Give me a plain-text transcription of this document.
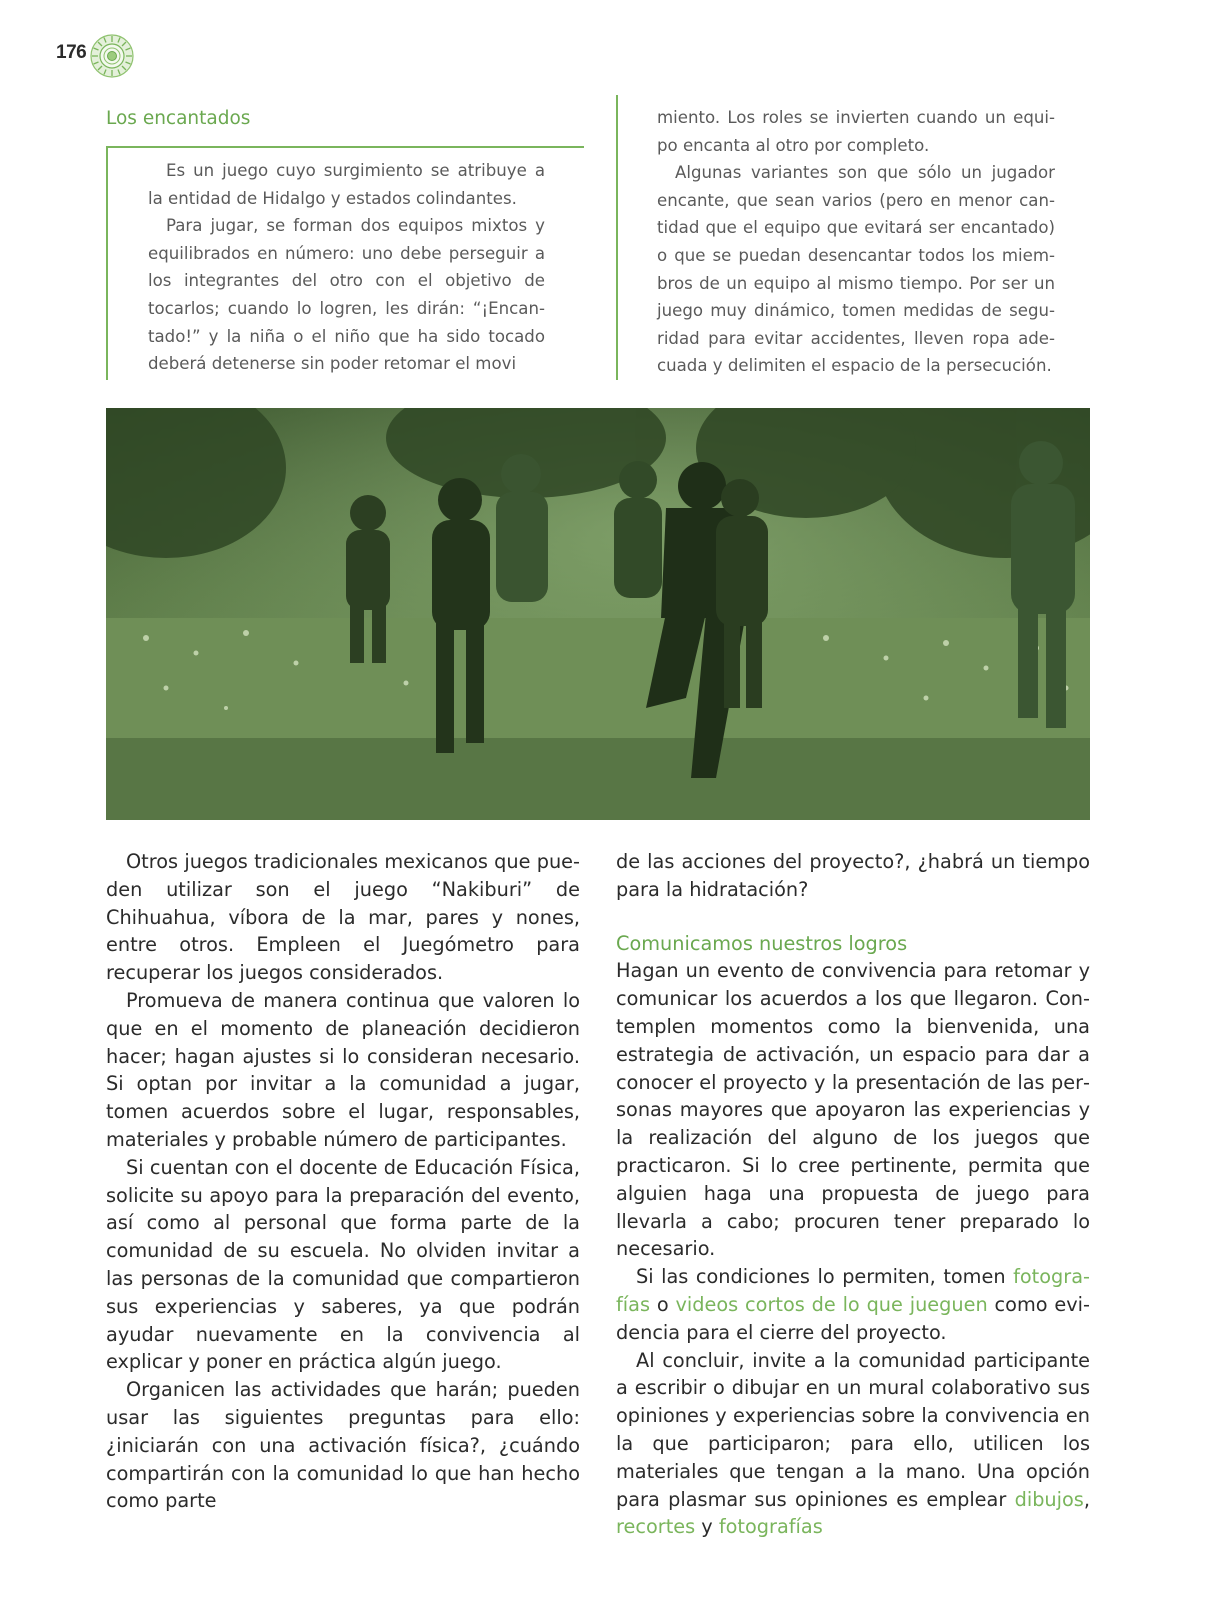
176
Los encantados

Es un juego cuyo surgimiento se atribuye a la entidad de Hidalgo y estados colindantes.

Para jugar, se forman dos equipos mixtos y equilibrados en número: uno debe perseguir a los integrantes del otro con el objetivo de tocarlos; cuando lo logren, les dirán: “¡Encantado!” y la niña o el niño que ha sido tocado deberá detenerse sin poder retomar el movi

miento. Los roles se invierten cuando un equipo encanta al otro por completo.

Algunas variantes son que sólo un jugador encante, que sean varios (pero en menor cantidad que el equipo que evitará ser encantado) o que se puedan desencantar todos los miembros de un equipo al mismo tiempo. Por ser un juego muy dinámico, tomen medidas de seguridad para evitar accidentes, lleven ropa adecuada y delimiten el espacio de la persecución.

Otros juegos tradicionales mexicanos que pueden utilizar son el juego “Nakiburi” de Chihuahua, víbora de la mar, pares y nones, entre otros. Empleen el Juegómetro para recuperar los juegos considerados.

Promueva de manera continua que valoren lo que en el momento de planeación decidieron hacer; hagan ajustes si lo consideran necesario. Si optan por invitar a la comunidad a jugar, tomen acuerdos sobre el lugar, responsables, materiales y probable número de participantes.

Si cuentan con el docente de Educación Física, solicite su apoyo para la preparación del evento, así como al personal que forma parte de la comunidad de su escuela. No olviden invitar a las personas de la comunidad que compartieron sus experiencias y saberes, ya que podrán ayudar nuevamente en la convivencia al explicar y poner en práctica algún juego.

Organicen las actividades que harán; pueden usar las siguientes preguntas para ello: ¿iniciarán con una activación física?, ¿cuándo compartirán con la comunidad lo que han hecho como parte

de las acciones del proyecto?, ¿habrá un tiempo para la hidratación?

Comunicamos nuestros logros

Hagan un evento de convivencia para retomar y comunicar los acuerdos a los que llegaron. Contemplen momentos como la bienvenida, una estrategia de activación, un espacio para dar a conocer el proyecto y la presentación de las personas mayores que apoyaron las experiencias y la realización del alguno de los juegos que practicaron. Si lo cree pertinente, permita que alguien haga una propuesta de juego para llevarla a cabo; procuren tener preparado lo necesario.

Si las condiciones lo permiten, tomen fotografías o videos cortos de lo que jueguen como evidencia para el cierre del proyecto.

Al concluir, invite a la comunidad participante a escribir o dibujar en un mural colaborativo sus opiniones y experiencias sobre la convivencia en la que participaron; para ello, utilicen los materiales que tengan a la mano. Una opción para plasmar sus opiniones es emplear dibujos, recortes y fotografías
